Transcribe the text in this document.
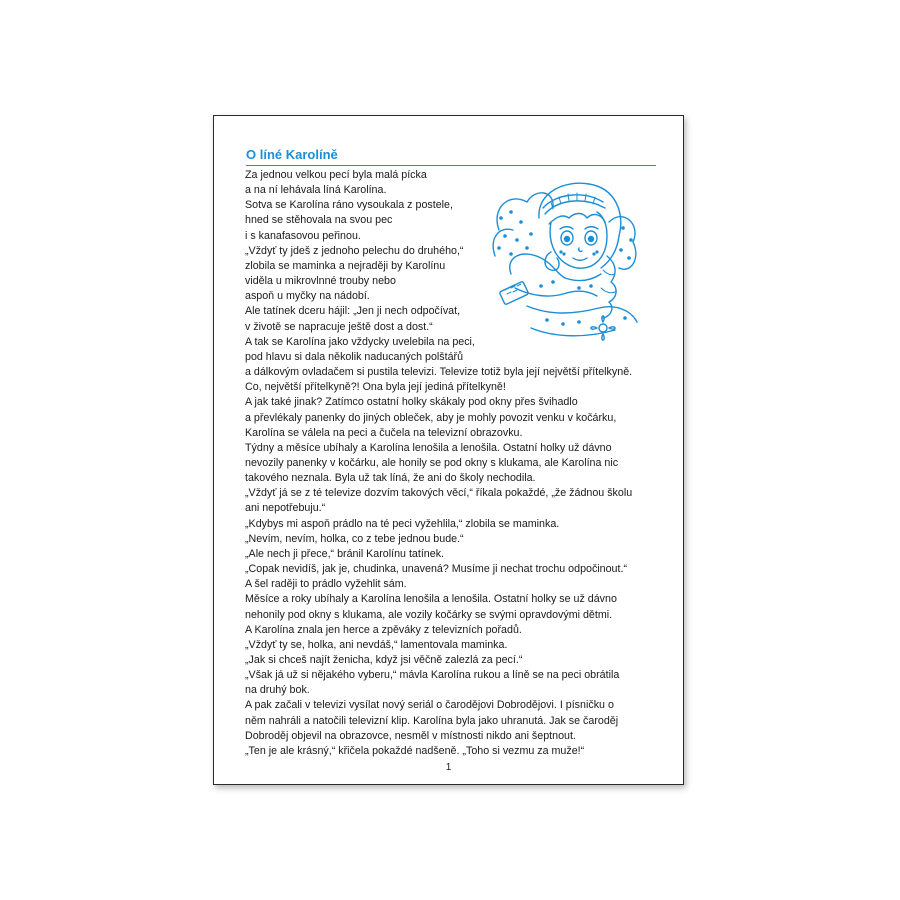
O líné Karolíně
Za jednou velkou pecí byla malá pícka
a na ní lehávala líná Karolína.
Sotva se Karolína ráno vysoukala z postele,
hned se stěhovala na svou pec
i s kanafasovou peřinou.
„Vždyť ty jdeš z jednoho pelechu do druhého,“
zlobila se maminka a nejraději by Karolínu
viděla u mikrovlnné trouby nebo
aspoň u myčky na nádobí.
Ale tatínek dceru hájil: „Jen ji nech odpočívat,
v životě se napracuje ještě dost a dost.“
A tak se Karolína jako vždycky uvelebila na peci,
pod hlavu si dala několik naducaných polštářů
a dálkovým ovladačem si pustila televizi. Televize totiž byla její největší přítelkyně.
Co, největší přítelkyně?! Ona byla její jediná přítelkyně!
A jak také jinak? Zatímco ostatní holky skákaly pod okny přes švihadlo
a převlékaly panenky do jiných obleček, aby je mohly povozit venku v kočárku,
Karolína se válela na peci a čučela na televizní obrazovku.
Týdny a měsíce ubíhaly a Karolína lenošila a lenošila. Ostatní holky už dávno
nevozily panenky v kočárku, ale honily se pod okny s klukama, ale Karolína nic
takového neznala. Byla už tak líná, že ani do školy nechodila.
„Vždyť já se z té televize dozvím takových věcí,“ říkala pokaždé, „že žádnou školu
ani nepotřebuju.“
„Kdybys mi aspoň prádlo na té peci vyžehlila,“ zlobila se maminka.
„Nevím, nevím, holka, co z tebe jednou bude.“
„Ale nech ji přece,“ bránil Karolínu tatínek.
„Copak nevidíš, jak je, chudinka, unavená? Musíme ji nechat trochu odpočinout.“
A šel raději to prádlo vyžehlit sám.
Měsíce a roky ubíhaly a Karolína lenošila a lenošila. Ostatní holky se už dávno
nehonily pod okny s klukama, ale vozily kočárky se svými opravdovými dětmi.
A Karolína znala jen herce a zpěváky z televizních pořadů.
„Vždyť ty se, holka, ani nevdáš,“ lamentovala maminka.
„Jak si chceš najít ženicha, když jsi věčně zalezlá za pecí.“
„Však já už si nějakého vyberu,“ mávla Karolína rukou a líně se na peci obrátila
na druhý bok.
A pak začali v televizi vysílat nový seriál o čarodějovi Dobrodějovi. I písničku o
něm nahráli a natočili televizní klip. Karolína byla jako uhranutá. Jak se čaroděj
Dobroděj objevil na obrazovce, nesměl v místnosti nikdo ani šeptnout.
„Ten je ale krásný,“ křičela pokaždé nadšeně. „Toho si vezmu za muže!“
1
